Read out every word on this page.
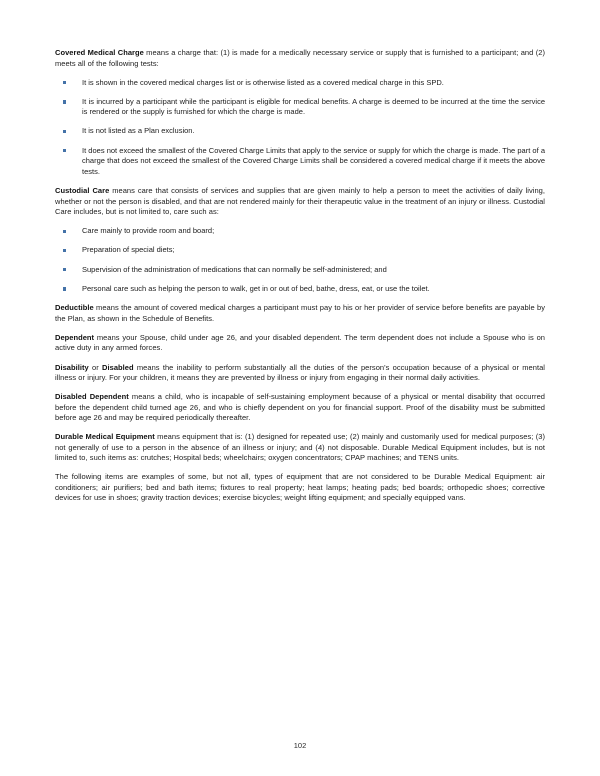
Covered Medical Charge means a charge that: (1) is made for a medically necessary service or supply that is furnished to a participant; and (2) meets all of the following tests:

It is shown in the covered medical charges list or is otherwise listed as a covered medical charge in this SPD.
It is incurred by a participant while the participant is eligible for medical benefits. A charge is deemed to be incurred at the time the service is rendered or the supply is furnished for which the charge is made.
It is not listed as a Plan exclusion.
It does not exceed the smallest of the Covered Charge Limits that apply to the service or supply for which the charge is made. The part of a charge that does not exceed the smallest of the Covered Charge Limits shall be considered a covered medical charge if it meets the above tests.

Custodial Care means care that consists of services and supplies that are given mainly to help a person to meet the activities of daily living, whether or not the person is disabled, and that are not rendered mainly for their therapeutic value in the treatment of an injury or illness. Custodial Care includes, but is not limited to, care such as:

Care mainly to provide room and board;
Preparation of special diets;
Supervision of the administration of medications that can normally be self-administered; and
Personal care such as helping the person to walk, get in or out of bed, bathe, dress, eat, or use the toilet.

Deductible means the amount of covered medical charges a participant must pay to his or her provider of service before benefits are payable by the Plan, as shown in the Schedule of Benefits.

Dependent means your Spouse, child under age 26, and your disabled dependent. The term dependent does not include a Spouse who is on active duty in any armed forces.

Disability or Disabled means the inability to perform substantially all the duties of the person's occupation because of a physical or mental illness or injury. For your children, it means they are prevented by illness or injury from engaging in their normal daily activities.

Disabled Dependent means a child, who is incapable of self-sustaining employment because of a physical or mental disability that occurred before the dependent child turned age 26, and who is chiefly dependent on you for financial support. Proof of the disability must be submitted before age 26 and may be required periodically thereafter.

Durable Medical Equipment means equipment that is: (1) designed for repeated use; (2) mainly and customarily used for medical purposes; (3) not generally of use to a person in the absence of an illness or injury; and (4) not disposable. Durable Medical Equipment includes, but is not limited to, such items as: crutches; Hospital beds; wheelchairs; oxygen concentrators; CPAP machines; and TENS units.

The following items are examples of some, but not all, types of equipment that are not considered to be Durable Medical Equipment: air conditioners; air purifiers; bed and bath items; fixtures to real property; heat lamps; heating pads; bed boards; orthopedic shoes; corrective devices for use in shoes; gravity traction devices; exercise bicycles; weight lifting equipment; and specially equipped vans.

102
